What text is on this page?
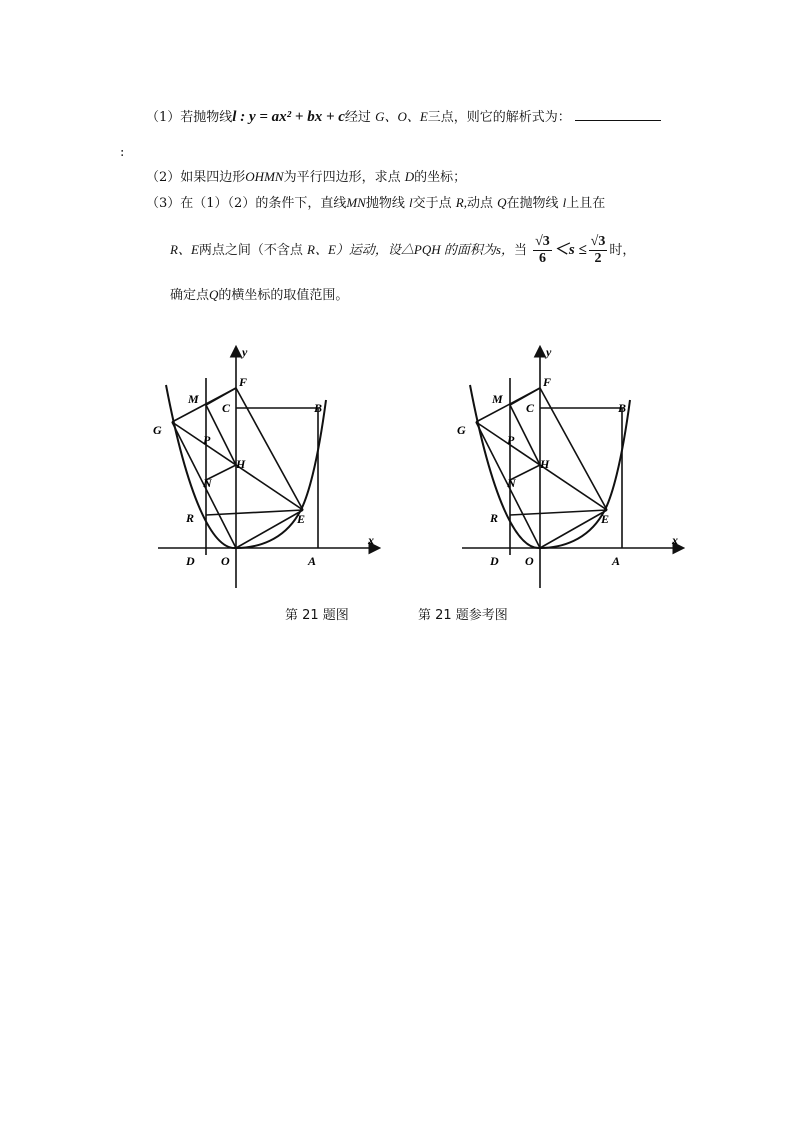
（1）若抛物线l : y = ax² + bx + c经过 G、O、E三点，则它的解析式为：
:
（2）如果四边形OHMN为平行四边形，求点 D的坐标；
（3）在（1）（2）的条件下，直线MN抛物线 l交于点 R,动点 Q在抛物线 l上且在
R、E两点之间（不含点 R、E）运动，设△PQH 的面积为s，当 $\frac{√3}{6} <s \le \frac{√3}{2}$ 时，
确定点Q的横坐标的取值范围。
y
x
F
M
C	B
G
P
H
N
R	E
D O	A
y
x
F
M
C	B
G
P
H
N
R	E
D O	A
第 21 题图	第 21 题参考图
